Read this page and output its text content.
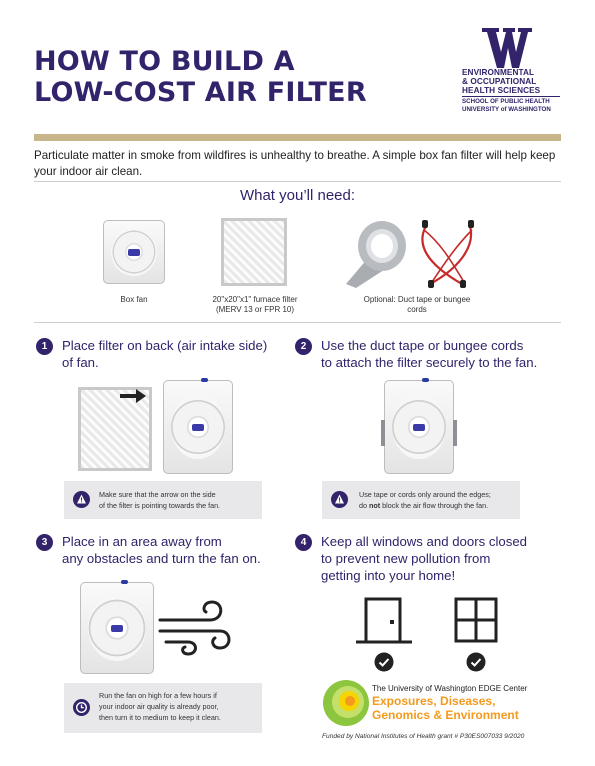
HOW TO BUILD A
LOW-COST AIR FILTER
ENVIRONMENTAL
& OCCUPATIONAL
HEALTH SCIENCES
SCHOOL OF PUBLIC HEALTH
UNIVERSITY of WASHINGTON
Particulate matter in smoke from wildfires is unhealthy to breathe. A simple box fan filter will help keep your indoor air clean.
What you’ll need:
Box fan	20"x20"x1" furnace filter
(MERV 13 or FPR 10)
Optional: Duct tape or bungee
cords
1	Place filter on back (air intake side)
of fan.
Make sure that the arrow on the side
of the filter is pointing towards the fan.
2	Use the duct tape or bungee cords
to attach the filter securely to the fan.
Use tape or cords only around the edges;
do not block the air flow through the fan.
3	Place in an area away from
any obstacles and turn the fan on.
Run the fan on high for a few hours if
your indoor air quality is already poor,
then turn it to medium to keep it clean.
4	Keep all windows and doors closed
to prevent new pollution from
getting into your home!
The University of Washington EDGE Center
Exposures, Diseases,
Genomics & Environment
Funded by National Institutes of Health grant # P30ES007033 9/2020
